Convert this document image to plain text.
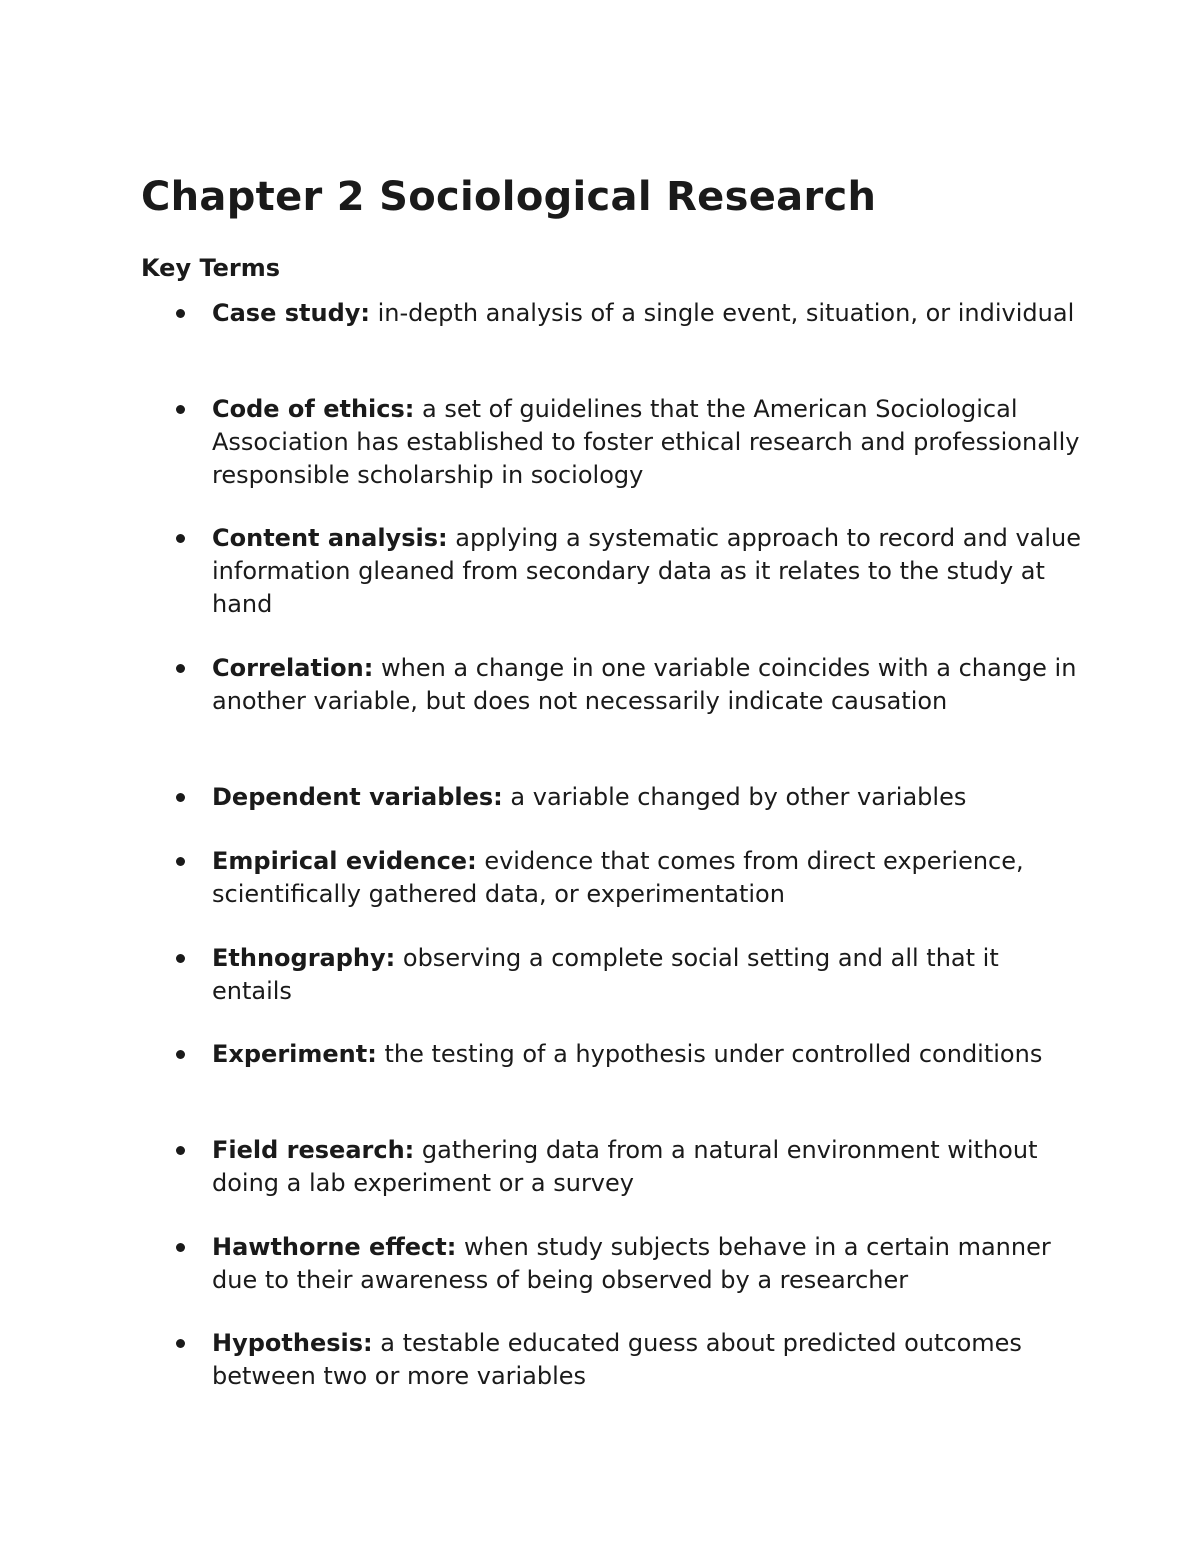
Chapter 2 Sociological Research
Key Terms

Case study: in-depth analysis of a single event, situation, or individual

Code of ethics: a set of guidelines that the American Sociological Association has established to foster ethical research and professionally responsible scholarship in sociology

Content analysis: applying a systematic approach to record and value information gleaned from secondary data as it relates to the study at hand

Correlation: when a change in one variable coincides with a change in another variable, but does not necessarily indicate causation

Dependent variables: a variable changed by other variables

Empirical evidence: evidence that comes from direct experience, scientifically gathered data, or experimentation

Ethnography: observing a complete social setting and all that it entails

Experiment: the testing of a hypothesis under controlled conditions

Field research: gathering data from a natural environment without doing a lab experiment or a survey

Hawthorne effect: when study subjects behave in a certain manner due to their awareness of being observed by a researcher

Hypothesis: a testable educated guess about predicted outcomes between two or more variables
